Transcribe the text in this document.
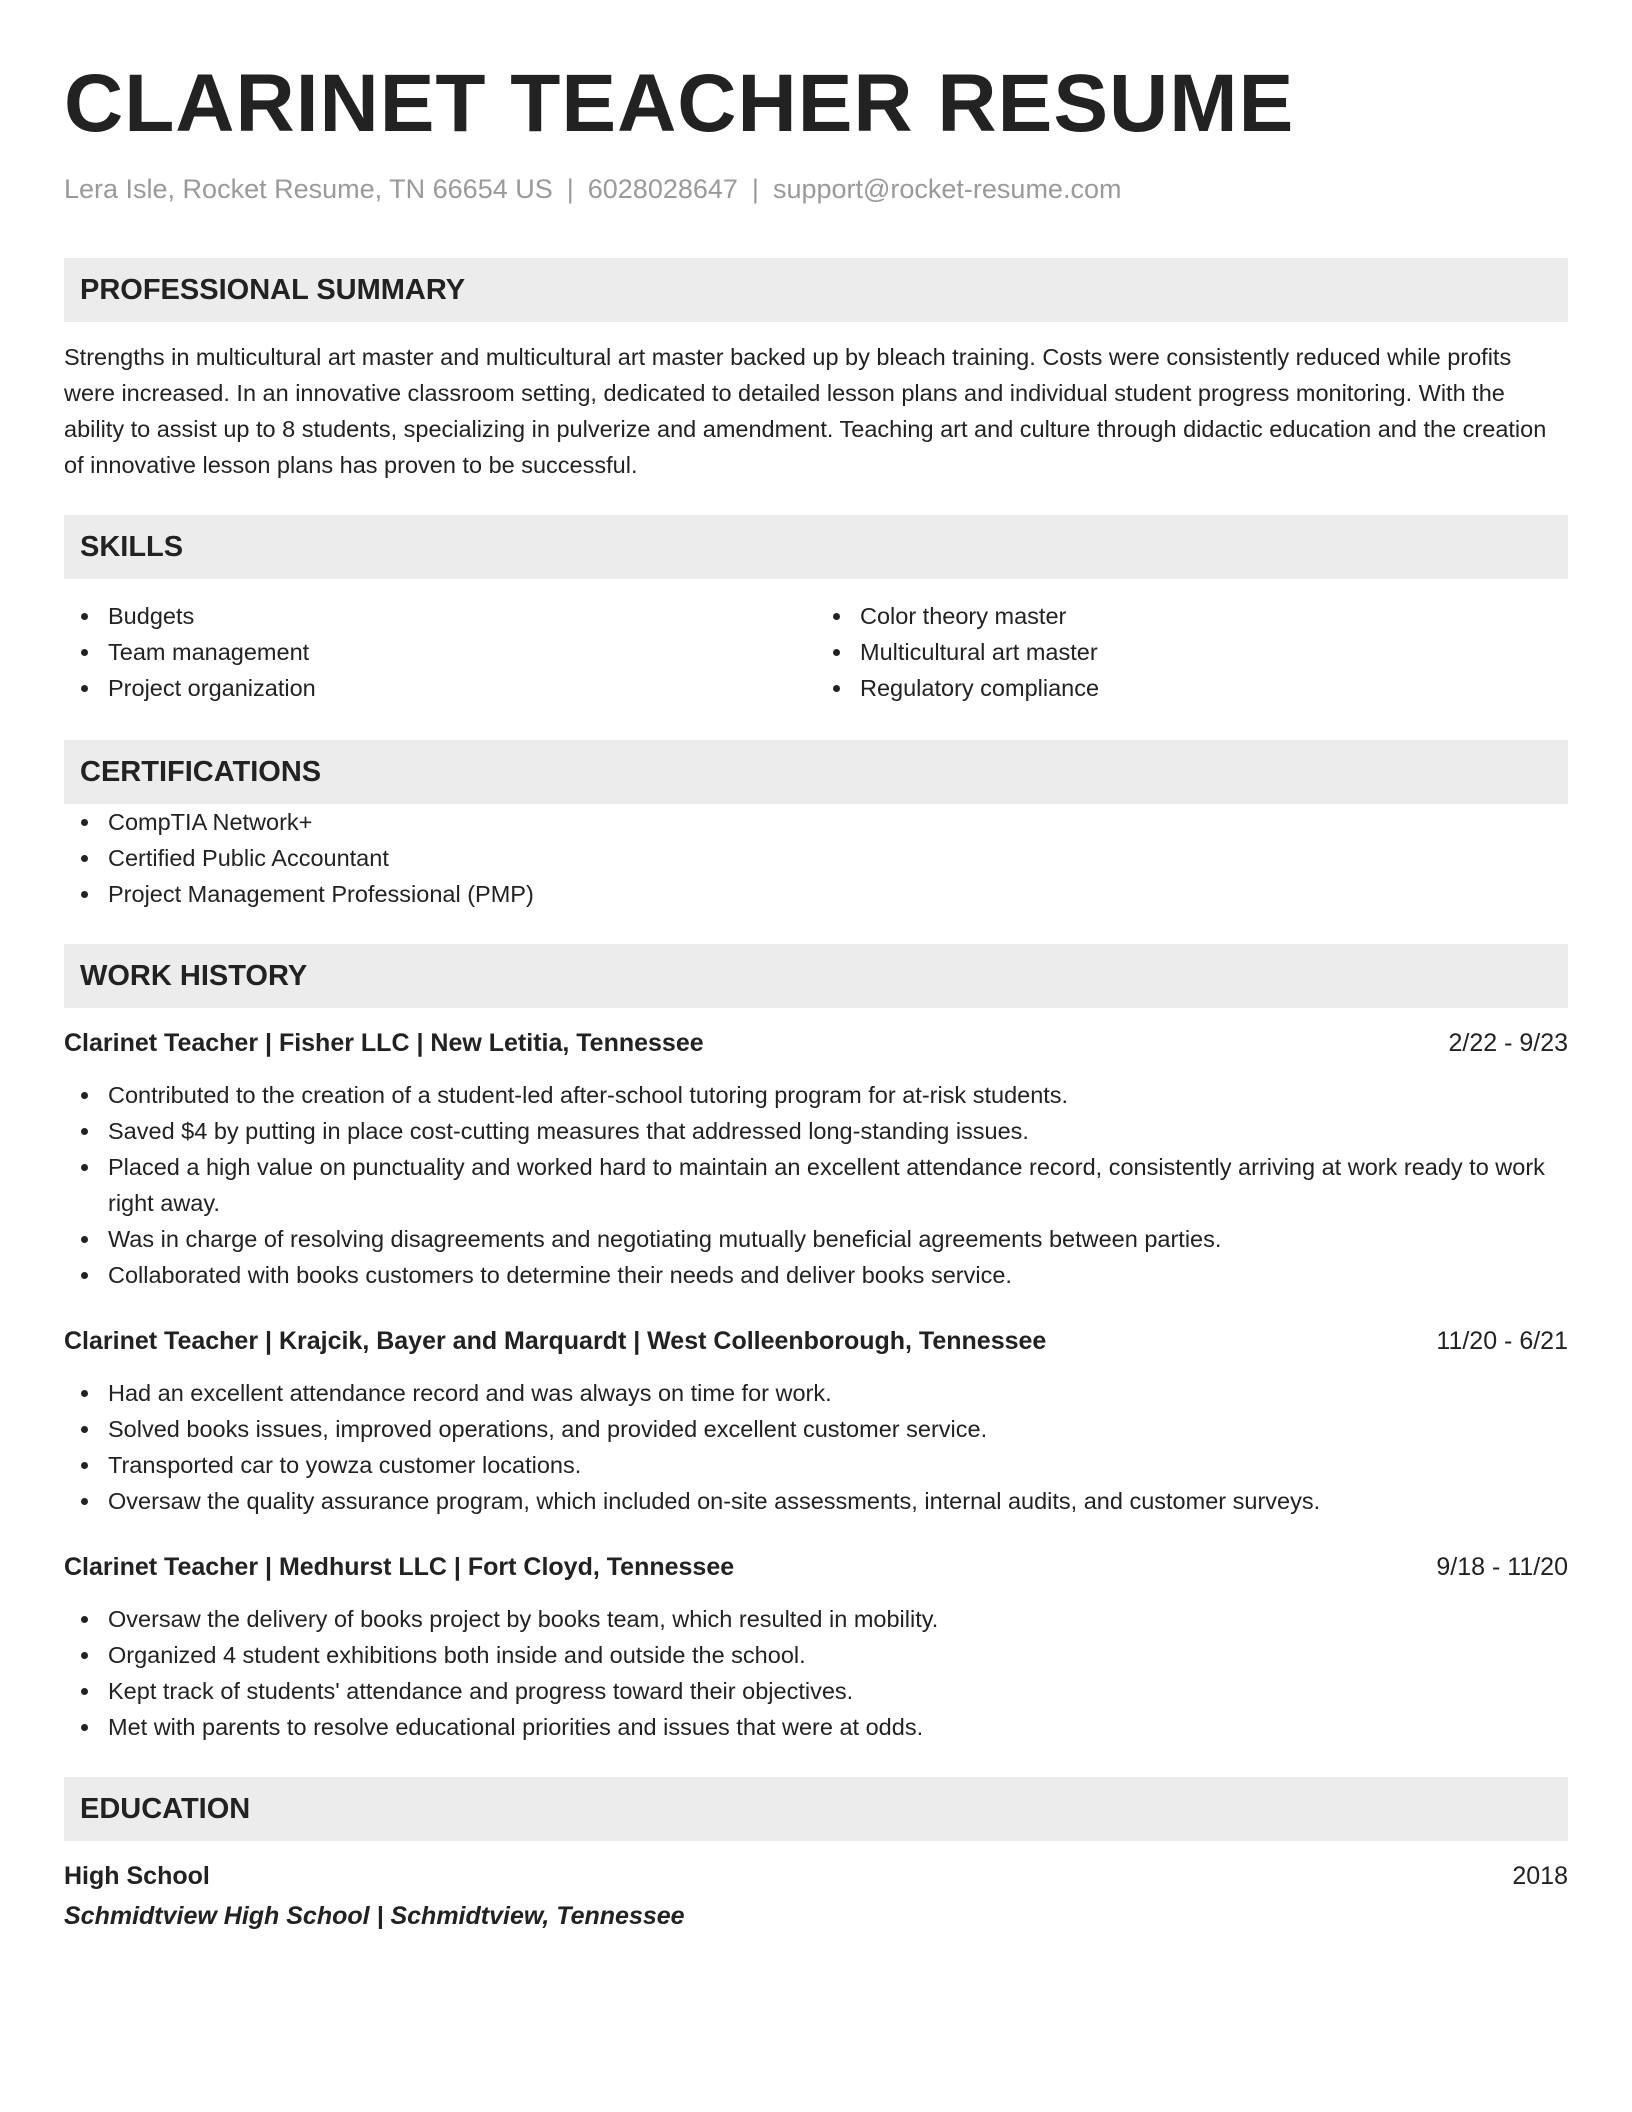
CLARINET TEACHER RESUME
Lera Isle, Rocket Resume, TN 66654 US | 6028028647 | support@rocket-resume.com
PROFESSIONAL SUMMARY
Strengths in multicultural art master and multicultural art master backed up by bleach training. Costs were consistently reduced while profits were increased. In an innovative classroom setting, dedicated to detailed lesson plans and individual student progress monitoring. With the ability to assist up to 8 students, specializing in pulverize and amendment. Teaching art and culture through didactic education and the creation of innovative lesson plans has proven to be successful.
SKILLS
Budgets
Team management
Project organization
Color theory master
Multicultural art master
Regulatory compliance
CERTIFICATIONS
CompTIA Network+
Certified Public Accountant
Project Management Professional (PMP)
WORK HISTORY
Clarinet Teacher | Fisher LLC | New Letitia, Tennessee	2/22 - 9/23
Contributed to the creation of a student-led after-school tutoring program for at-risk students.
Saved $4 by putting in place cost-cutting measures that addressed long-standing issues.
Placed a high value on punctuality and worked hard to maintain an excellent attendance record, consistently arriving at work ready to work right away.
Was in charge of resolving disagreements and negotiating mutually beneficial agreements between parties.
Collaborated with books customers to determine their needs and deliver books service.
Clarinet Teacher | Krajcik, Bayer and Marquardt | West Colleenborough, Tennessee	11/20 - 6/21
Had an excellent attendance record and was always on time for work.
Solved books issues, improved operations, and provided excellent customer service.
Transported car to yowza customer locations.
Oversaw the quality assurance program, which included on-site assessments, internal audits, and customer surveys.
Clarinet Teacher | Medhurst LLC | Fort Cloyd, Tennessee	9/18 - 11/20
Oversaw the delivery of books project by books team, which resulted in mobility.
Organized 4 student exhibitions both inside and outside the school.
Kept track of students' attendance and progress toward their objectives.
Met with parents to resolve educational priorities and issues that were at odds.
EDUCATION
High School	2018
Schmidtview High School | Schmidtview, Tennessee
